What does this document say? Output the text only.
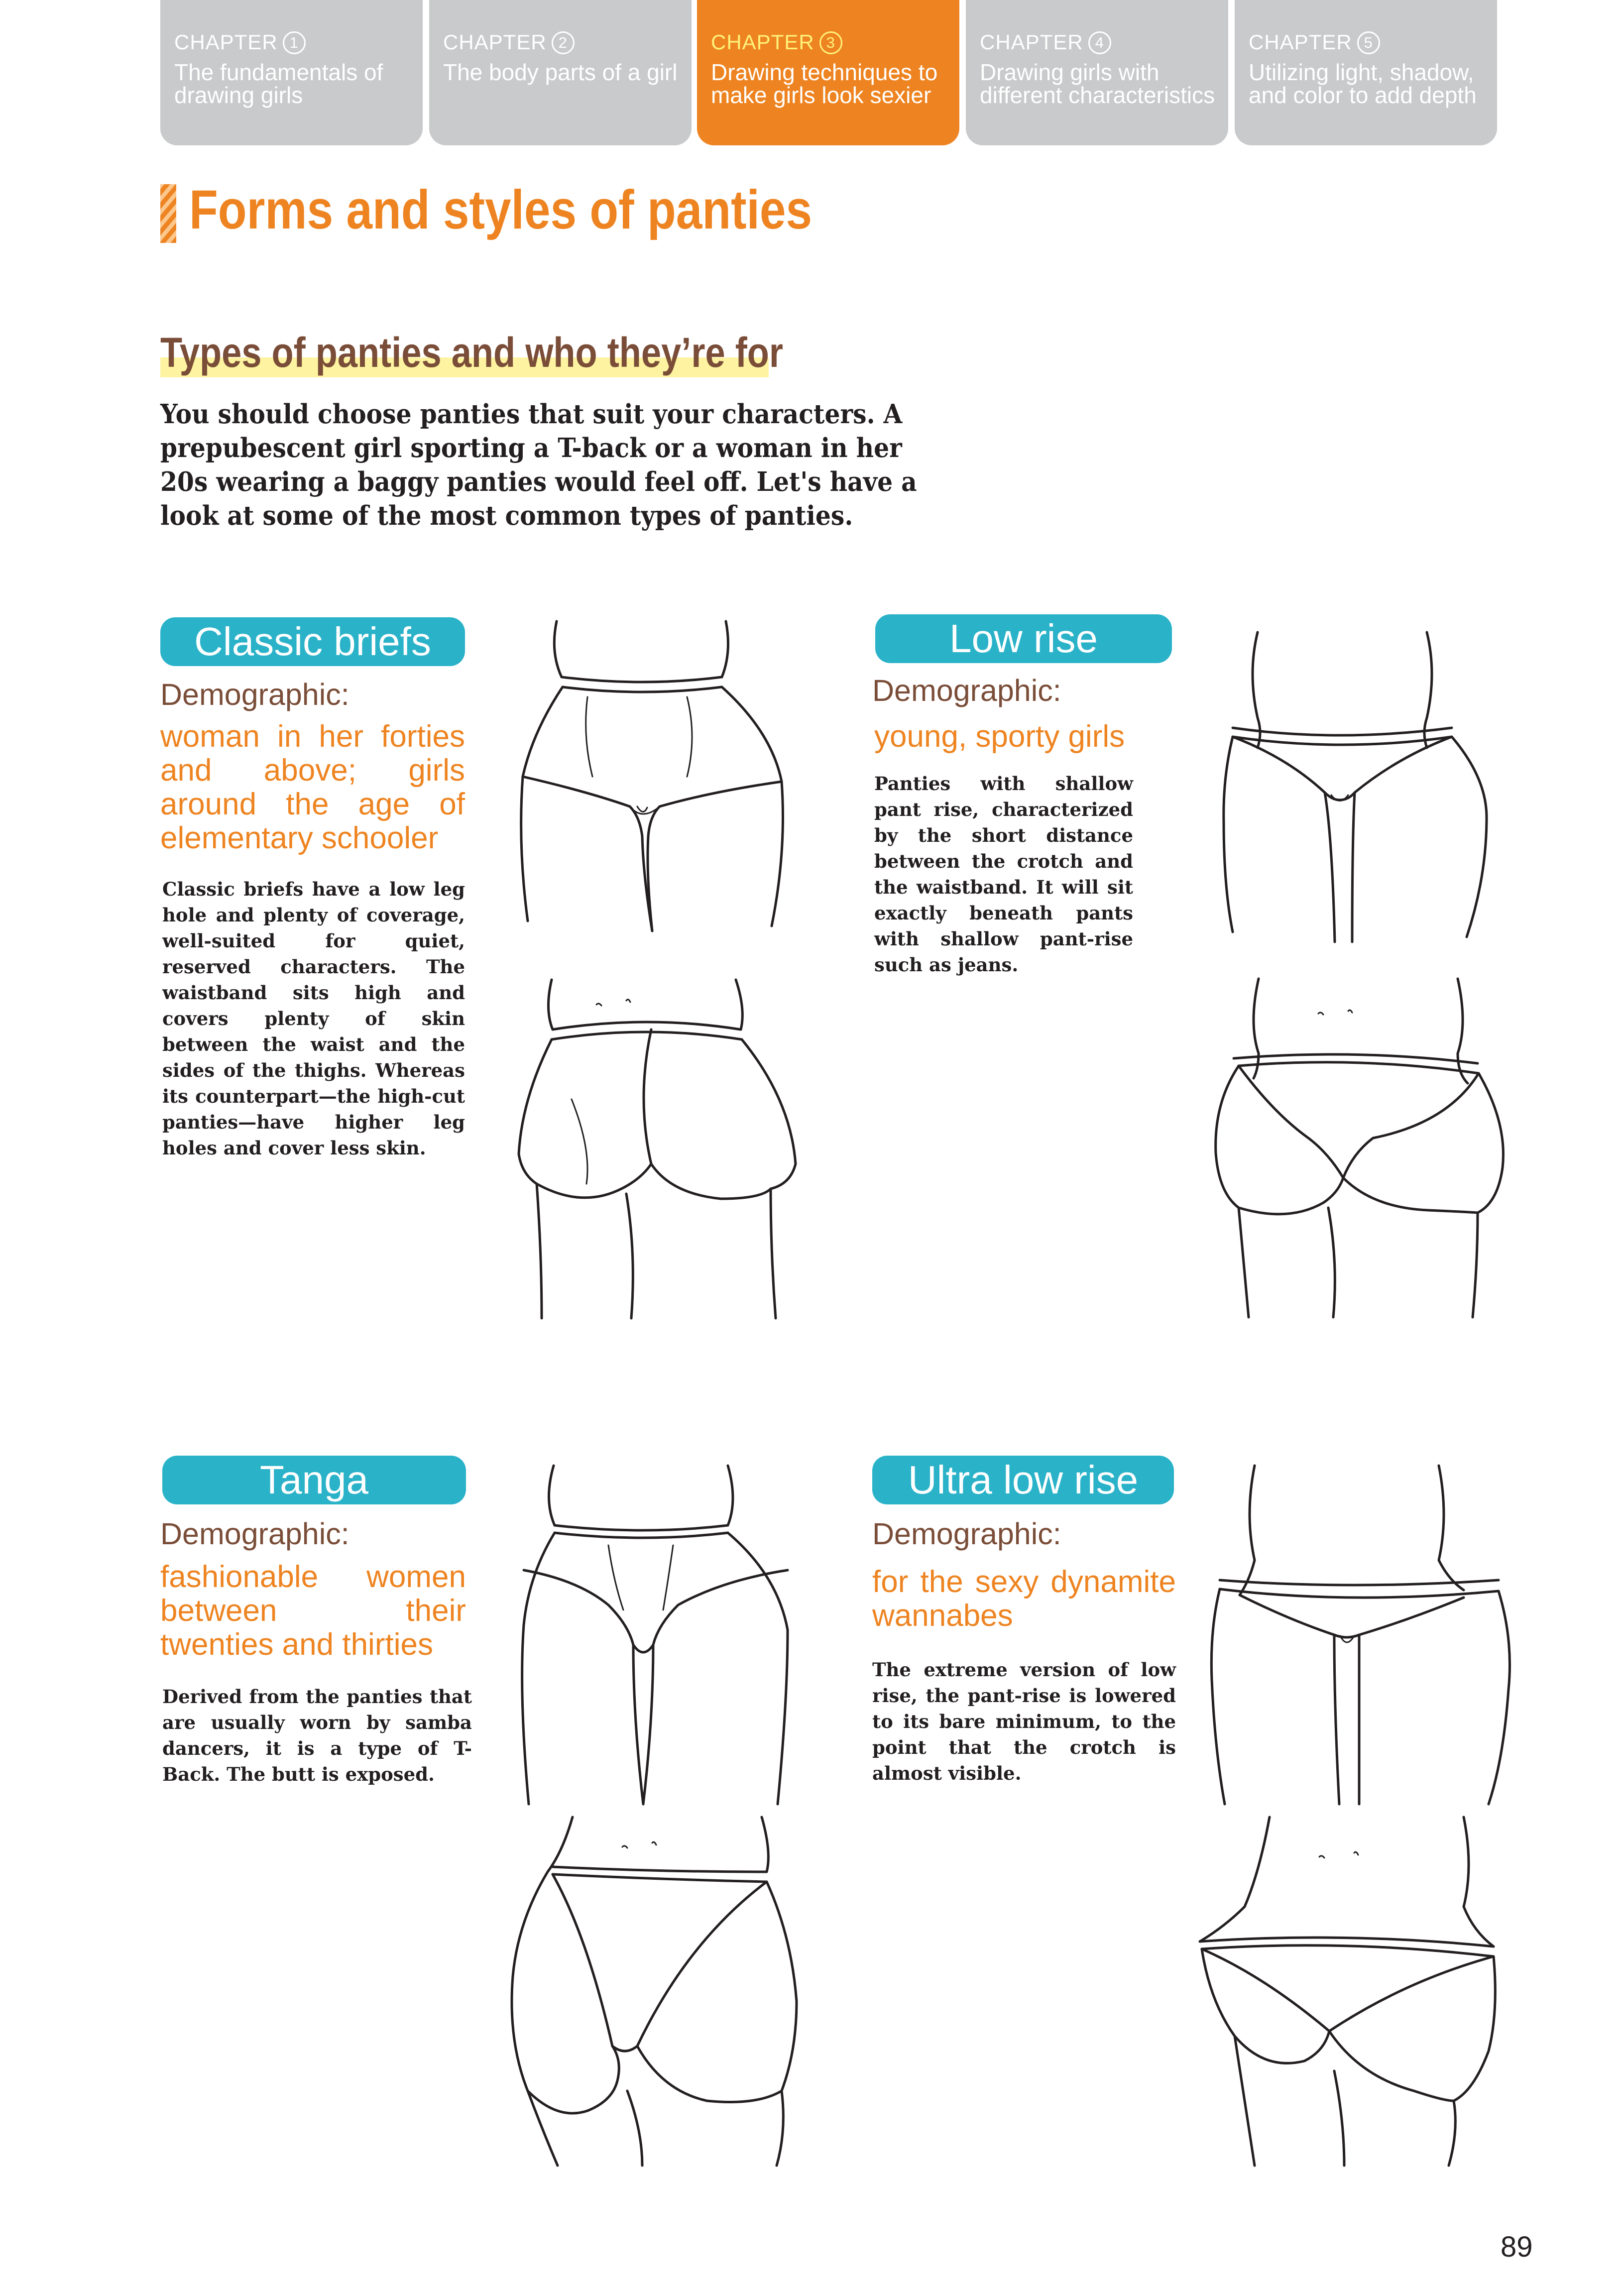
CHAPTER 1
The fundamentals of drawing girls
CHAPTER 2
The body parts of a girl
CHAPTER 3
Drawing techniques to make girls look sexier
CHAPTER 4
Drawing girls with different characteristics
CHAPTER 5
Utilizing light, shadow, and color to add depth
Forms and styles of panties
Types of panties and who they’re for
You should choose panties that suit your characters. A prepubescent girl sporting a T-back or a woman in her 20s wearing a baggy panties would feel off. Let's have a look at some of the most common types of panties.
Classic briefs
Demographic:
woman in her forties and above; girls around the age of elementary schooler
Classic briefs have a low leg hole and plenty of coverage, well-suited for quiet, reserved characters. The waistband sits high and covers plenty of skin between the waist and the sides of the thighs. Whereas its counterpart—the high-cut panties—have higher leg holes and cover less skin.
Low rise
Demographic:
young, sporty girls
Panties with shallow pant rise, characterized by the short distance between the crotch and the waistband. It will sit exactly beneath pants with shallow pant-rise such as jeans.
Tanga
Demographic:
fashionable women between their twenties and thirties
Derived from the panties that are usually worn by samba dancers, it is a type of T-Back. The butt is exposed.
Ultra low rise
Demographic:
for the sexy dynamite wannabes
The extreme version of low rise, the pant-rise is lowered to its bare minimum, to the point that the crotch is almost visible.
89
